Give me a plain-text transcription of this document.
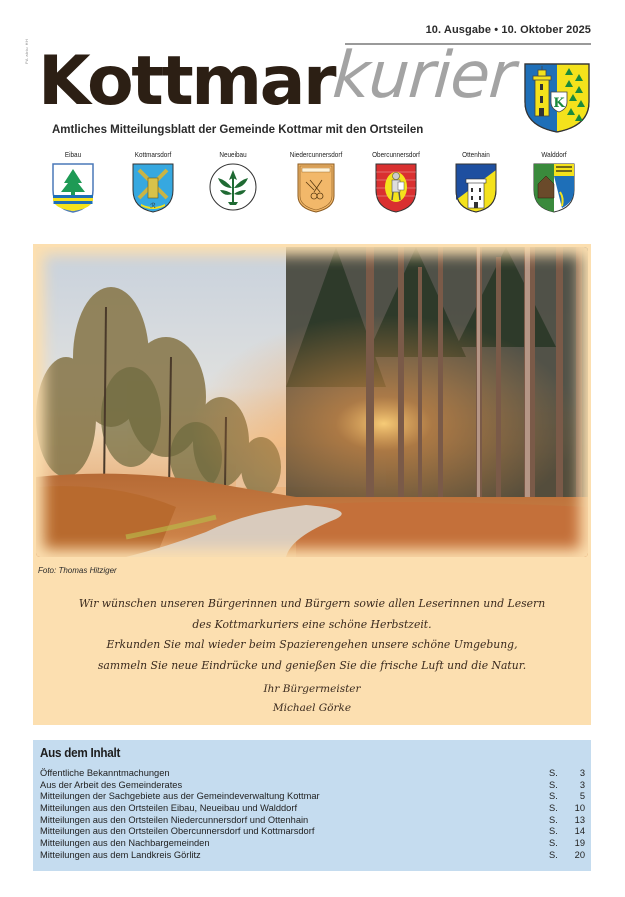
PA aktu HH
10. Ausgabe • 10. Oktober 2025
Kottmar
kurier
Amtliches Mitteilungsblatt der Gemeinde Kottmar mit den Ortsteilen
K
Eibau	Kottmarsdorf
ℛ
Neueibau	Niedercunnersdorf	Obercunnersdorf	Ottenhain	Walddorf
Foto: Thomas Hitziger
Wir wünschen unseren Bürgerinnen und Bürgern sowie allen Leserinnen und Lesern
des Kottmarkuriers eine schöne Herbstzeit.
Erkunden Sie mal wieder beim Spazierengehen unsere schöne Umgebung,
sammeln Sie neue Eindrücke und genießen Sie die frische Luft und die Natur.
Ihr Bürgermeister
Michael Görke
Aus dem Inhalt
Öffentliche Bekanntmachungen	S. 3
Aus der Arbeit des Gemeinderates	S. 3
Mitteilungen der Sachgebiete aus der Gemeindeverwaltung Kottmar	S. 5
Mitteilungen aus den Ortsteilen Eibau, Neueibau und Walddorf	S. 10
Mitteilungen aus den Ortsteilen Niedercunnersdorf und Ottenhain	S. 13
Mitteilungen aus den Ortsteilen Obercunnersdorf und Kottmarsdorf	S. 14
Mitteilungen aus den Nachbargemeinden	S. 19
Mitteilungen aus dem Landkreis Görlitz	S. 20
